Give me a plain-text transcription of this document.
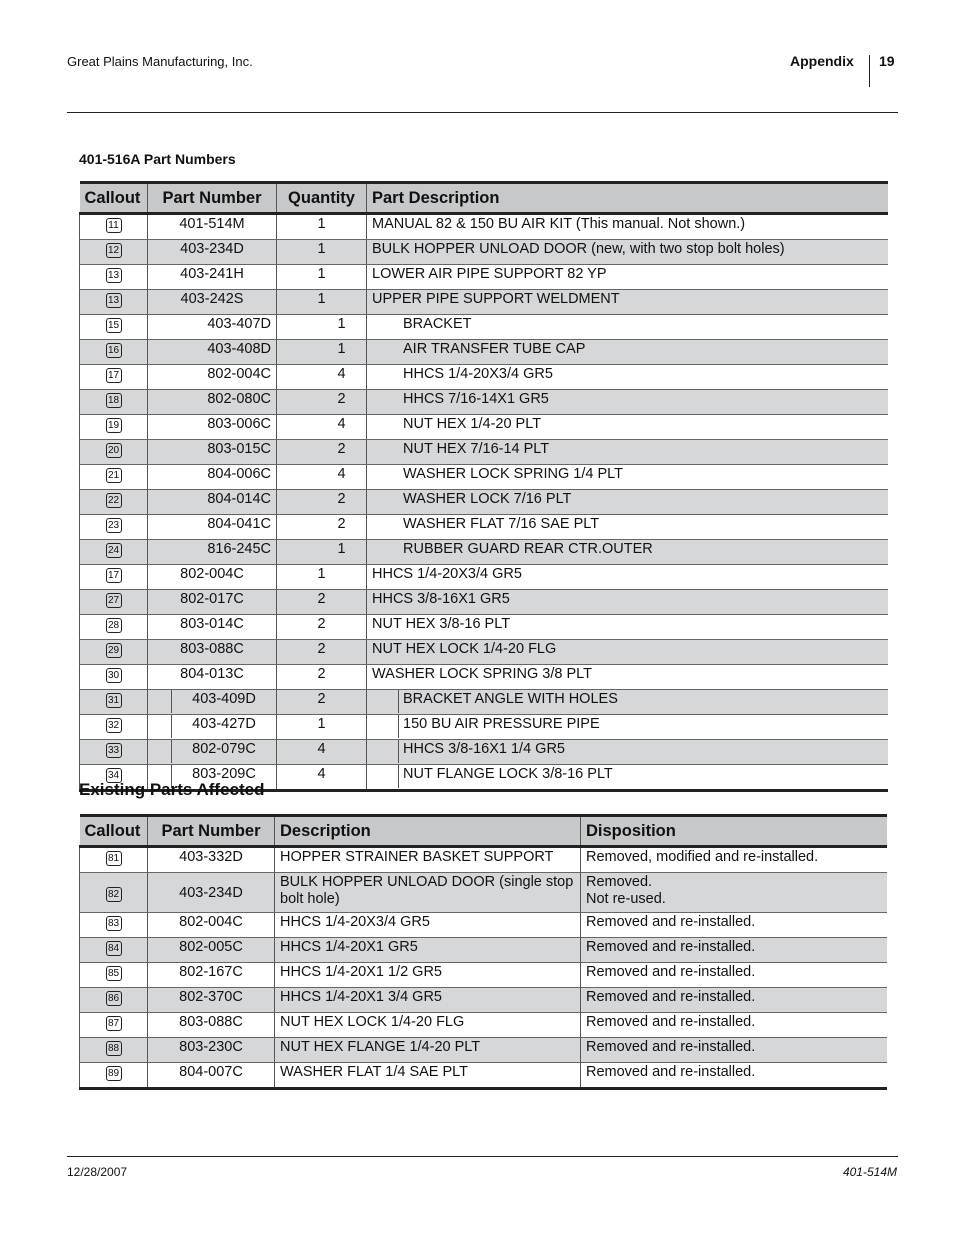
Great Plains Manufacturing, Inc.	Appendix 19
401-516A Part Numbers
Callout	Part Number	Quantity	Part Description
11	401-514M	1	MANUAL 82 & 150 BU AIR KIT (This manual. Not shown.)
12	403-234D	1	BULK HOPPER UNLOAD DOOR (new, with two stop bolt holes)
13	403-241H	1	LOWER AIR PIPE SUPPORT 82 YP
13	403-242S	1	UPPER PIPE SUPPORT WELDMENT
15	403-407D	1	BRACKET
16	403-408D	1	AIR TRANSFER TUBE CAP
17	802-004C	4	HHCS 1/4-20X3/4 GR5
18	802-080C	2	HHCS 7/16-14X1 GR5
19	803-006C	4	NUT HEX 1/4-20 PLT
20	803-015C	2	NUT HEX 7/16-14 PLT
21	804-006C	4	WASHER LOCK SPRING 1/4 PLT
22	804-014C	2	WASHER LOCK 7/16 PLT
23	804-041C	2	WASHER FLAT 7/16 SAE PLT
24	816-245C	1	RUBBER GUARD REAR CTR.OUTER
17	802-004C	1	HHCS 1/4-20X3/4 GR5
27	802-017C	2	HHCS 3/8-16X1 GR5
28	803-014C	2	NUT HEX 3/8-16 PLT
29	803-088C	2	NUT HEX LOCK 1/4-20 FLG
30	804-013C	2	WASHER LOCK SPRING 3/8 PLT
31	403-409D	2	BRACKET ANGLE WITH HOLES

32	403-427D	1	150 BU AIR PRESSURE PIPE

33	802-079C	4	HHCS 3/8-16X1 1/4 GR5

34	803-209C	4	NUT FLANGE LOCK 3/8-16 PLT
Existing Parts Affected
Callout	Part Number	Description	Disposition
81	403-332D	HOPPER STRAINER BASKET SUPPORT	Removed, modified and re-installed.
82	403-234D	BULK HOPPER UNLOAD DOOR (single stop bolt hole)	Removed.
Not re-used.
83	802-004C	HHCS 1/4-20X3/4 GR5	Removed and re-installed.
84	802-005C	HHCS 1/4-20X1 GR5	Removed and re-installed.
85	802-167C	HHCS 1/4-20X1 1/2 GR5	Removed and re-installed.
86	802-370C	HHCS 1/4-20X1 3/4 GR5	Removed and re-installed.
87	803-088C	NUT HEX LOCK 1/4-20 FLG	Removed and re-installed.
88	803-230C	NUT HEX FLANGE 1/4-20 PLT	Removed and re-installed.
89	804-007C	WASHER FLAT 1/4 SAE PLT	Removed and re-installed.
12/28/2007	401-514M
